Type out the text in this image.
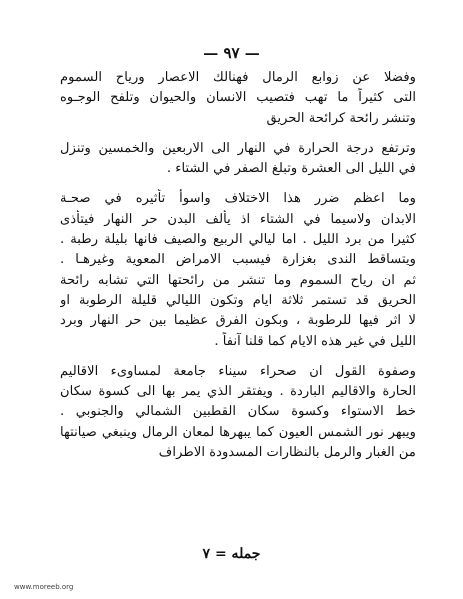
— ٩٧ —

وفضلا عن زوابع الرمال فهنالك الاعصار ورياح السموم
التى كثيراً ما تهب فتصيب الانسان والحيوان وتلفح الوجـوه
وتنشر رائحة كرائحة الحريق

وترتفع درجة الحرارة في النهار الى الاربعين والخمسين وتنزل
في الليل الى العشرة وتبلغ الصفر في الشتاء .

وما اعظم ضرر هذا الاختلاف واسوأ تأثيره في صحـة
الابدان ولاسيما في الشتاء اذ يألف البدن حر النهار فيتأذى
كثيرا من برد الليل . اما ليالي الربيع والصيف فانها بليلة رطبة .
ويتساقط الندى بغزارة فيسبب الامراض المعوية وغيرهـا .
ثم ان رياح السموم وما تنشر من رائحتها التي تشابه رائحة
الحريق قد تستمر ثلاثة ايام وتكون الليالي قليلة الرطوبة او
لا اثر فيها للرطوبة ، وبكون الفرق عظيما بين حر النهار وبرد
الليل في غير هذه الايام كما قلنا آنفاً .

وصفوة القول ان صحراء سيناء جامعة لمساوىء الاقاليم
الحارة والاقاليم الباردة . ويفتقر الذي يمر بها الى كسوة سكان
خط الاستواء وكسوة سكان القطبين الشمالي والجنوبي .
ويبهر نور الشمس العيون كما يبهرها لمعان الرمال وينبغي صيانتها
من الغبار والرمل بالنظارات المسدودة الاطراف

جمله = ٧
www.moreeb.org
